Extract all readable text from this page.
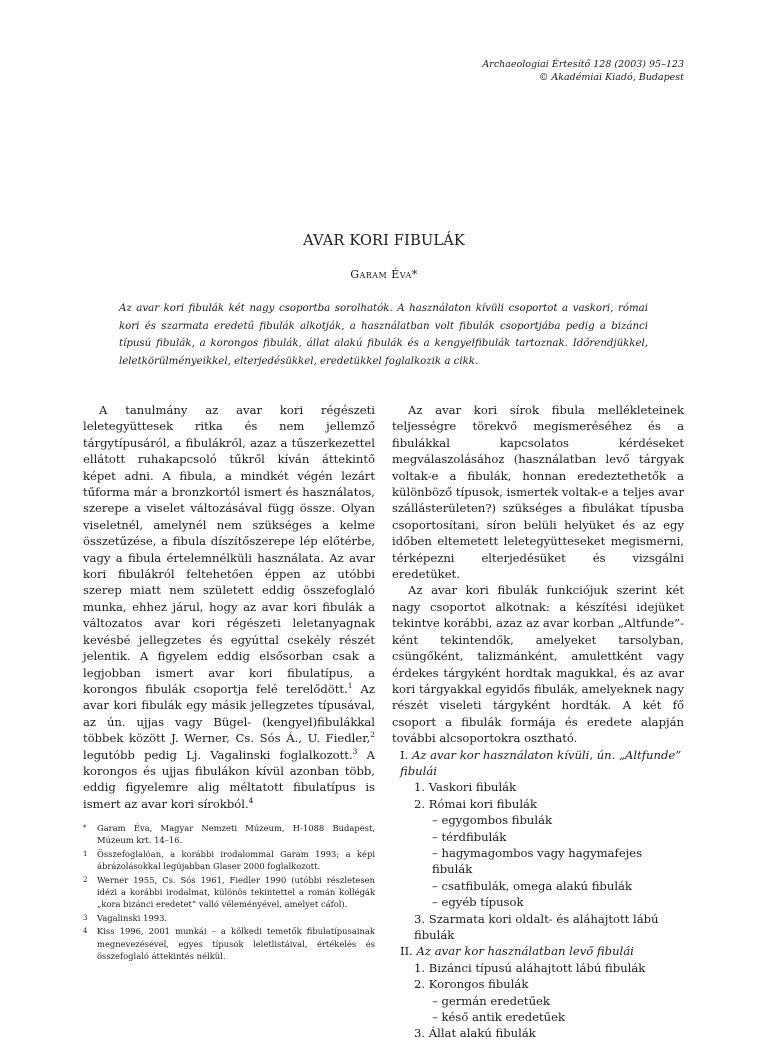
Archaeologiai Értesítő 128 (2003) 95–123
© Akadémiai Kiadó, Budapest
AVAR KORI FIBULÁK
Garam Éva*
Az avar kori fibulák két nagy csoportba sorolhatók. A használaton kívüli csoportot a vaskori, római kori és szarmata eredetű fibulák alkotják, a használatban volt fibulák csoportjába pedig a bizánci típusú fibulák, a korongos fibulák, állat alakú fibulák és a kengyelfibulák tartoznak. Időrendjükkel, leletkörülményeikkel, elterjedésükkel, eredetükkel foglalkozik a cikk.

A tanulmány az avar kori régészeti leletegyüttesek ritka és nem jellemző tárgytípusáról, a fibulákról, azaz a tűszerkezettel ellátott ruhakapcsoló tűkről kíván áttekintő képet adni. A fibula, a mindkét végén lezárt tűforma már a bronzkortól ismert és használatos, szerepe a viselet változásával függ össze. Olyan viseletnél, amelynél nem szükséges a kelme összetűzése, a fibula díszítőszerepe lép előtérbe, vagy a fibula értelemnélküli használata. Az avar kori fibulákról feltehetően éppen az utóbbi szerep miatt nem született eddig összefoglaló munka, ehhez járul, hogy az avar kori fibulák a változatos avar kori régészeti leletanyagnak kevésbé jellegzetes és egyúttal csekély részét jelentik. A figyelem eddig elsősorban csak a legjobban ismert avar kori fibulatípus, a korongos fibulák csoportja felé terelődött.$^1$ Az avar kori fibulák egy másik jellegzetes típusával, az ún. ujjas vagy Bügel- (kengyel)fibulákkal többek között J. Werner, Cs. Sós Á., U. Fiedler,$^2$ legutóbb pedig Lj. Vagalinski foglalkozott.$^3$ A korongos és ujjas fibulákon kívül azonban több, eddig figyelemre alig méltatott fibulatípus is ismert az avar kori sírokból.$^4$

Az avar kori sírok fibula mellékleteinek teljességre törekvő megismeréséhez és a fibulákkal kapcsolatos kérdéseket megválaszolásához (használatban levő tárgyak voltak-e a fibulák, honnan eredeztethetők a különböző típusok, ismertek voltak-e a teljes avar szállásterületen?) szükséges a fibulákat típusba csoportosítani, síron belüli helyüket és az egy időben eltemetett leletegyütteseket megismerni, térképezni elterjedésüket és vizsgálni eredetüket.

Az avar kori fibulák funkciójuk szerint két nagy csoportot alkotnak: a készítési idejüket tekintve korábbi, azaz az avar korban „Altfunde”-ként tekintendők, amelyeket tarsolyban, csüngőként, talizmánként, amulettként vagy érdekes tárgyként hordtak magukkal, és az avar kori tárgyakkal egyidős fibulák, amelyeknek nagy részét viseleti tárgyként hordták. A két fő csoport a fibulák formája és eredete alapján további alcsoportokra osztható.

I. Az avar kor használaton kívüli, ún. „Altfunde” fibulái

1. Vaskori fibulák

2. Római kori fibulák

– egygombos fibulák

– térdfibulák

– hagymagombos vagy hagymafejes fibulák

– csatfibulák, omega alakú fibulák

– egyéb típusok

3. Szarmata kori oldalt- és aláhajtott lábú fibulák

II. Az avar kor használatban levő fibulái

1. Bizánci típusú aláhajtott lábú fibulák

2. Korongos fibulák

– germán eredetűek

– késő antik eredetűek

3. Állat alakú fibulák

*	Garam Éva, Magyar Nemzeti Múzeum, H-1088 Budapest, Múzeum krt. 14–16.
1	Összefoglalóan, a korábbi irodalommal Garam 1993; a képi ábrázolásokkal legújabban Glaser 2000 foglalkozott.
2	Werner 1955, Cs. Sós 1961, Fiedler 1990 (utóbbi részletesen idézi a korábbi irodalmat, különös tekintettel a román kollégák „kora bizánci eredetet” valló véleményével, amelyet cáfol).
3	Vagalinski 1993.
4	Kiss 1996, 2001 munkái – a kölkedi temetők fibulatípusainak megnevezésével, egyes típusok leletlistáival, értékelés és összefoglaló áttekintés nélkül.
